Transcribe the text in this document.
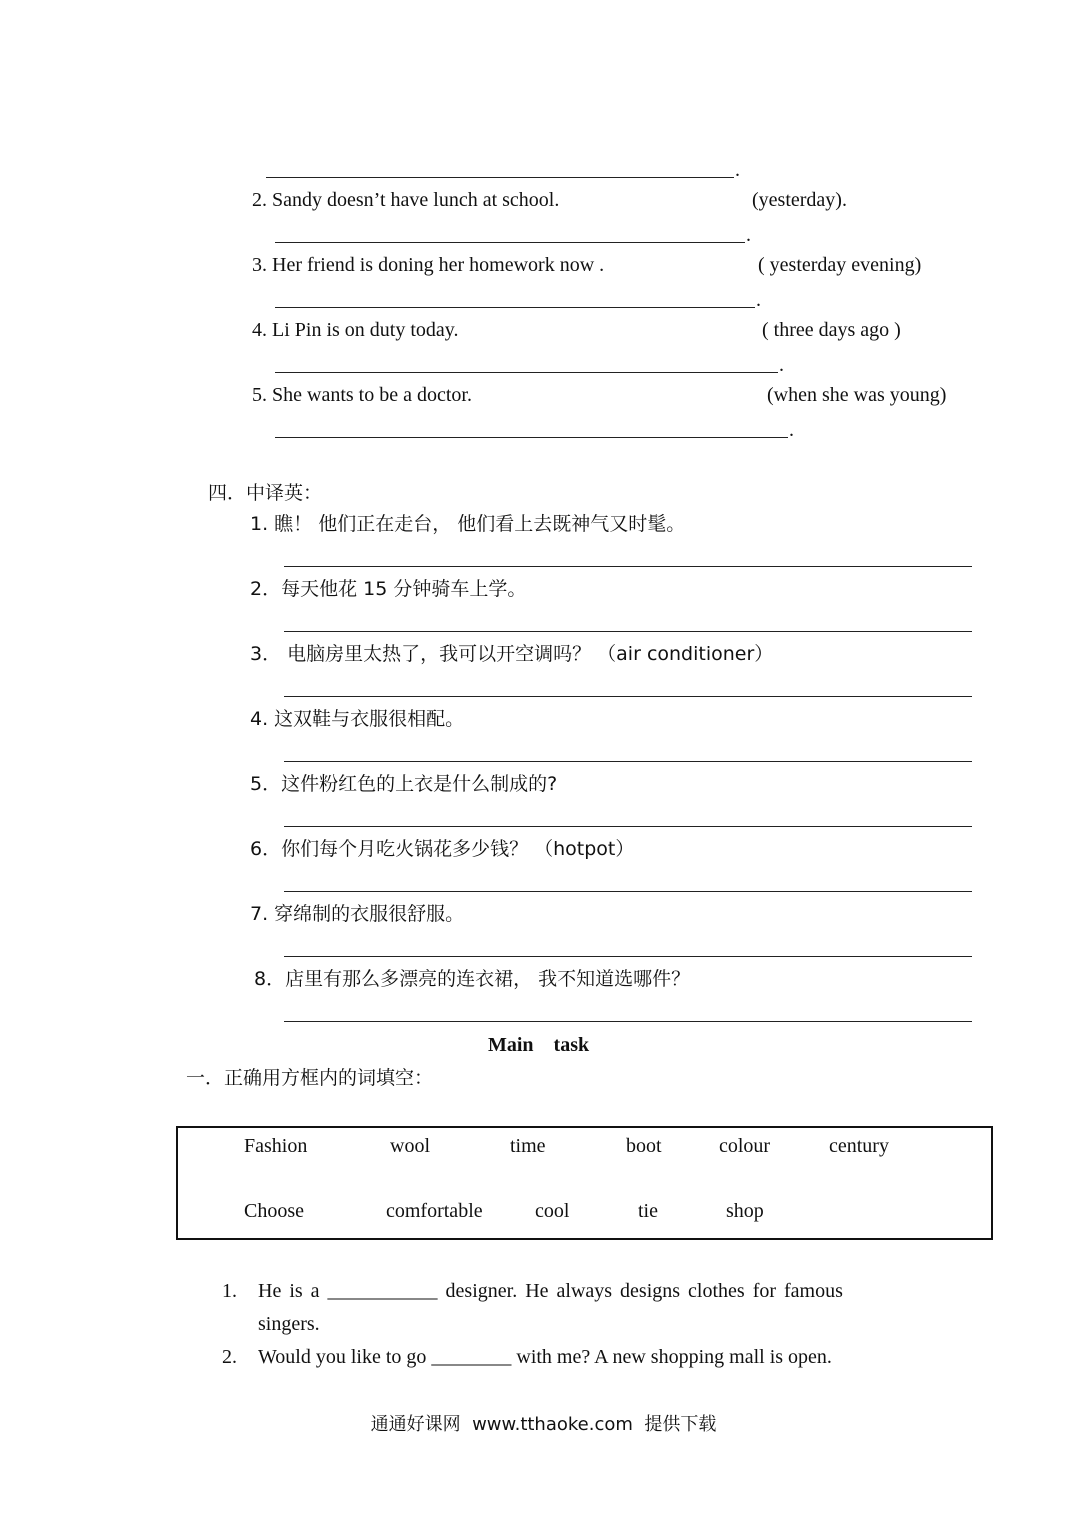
.
2. Sandy doesn’t have lunch at school.	(yesterday).
.
3. Her friend is doning her homework now .	( yesterday evening)
.
4. Li Pin is on duty today.	( three days ago )
.
5. She wants to be a doctor.	(when she was young)
.
四．中译英：
1. 瞧！ 他们正在走台， 他们看上去既神气又时髦。
2．每天他花 15 分钟骑车上学。
3． 电脑房里太热了，我可以开空调吗？ （air conditioner）
4. 这双鞋与衣服很相配。
5．这件粉红色的上衣是什么制成的?
6．你们每个月吃火锅花多少钱？ （hotpot）
7. 穿绵制的衣服很舒服。
8．店里有那么多漂亮的连衣裙， 我不知道选哪件？
Main    task
一．正确用方框内的词填空：
Fashion	wool	time	boot	colour	century
Choose	comfortable	cool	tie	shop
1. He is a ___________ designer. He always designs clothes for famous
singers.
2. Would you like to go ________ with me? A new shopping mall is open.
通通好课网  www.tthaoke.com  提供下载
